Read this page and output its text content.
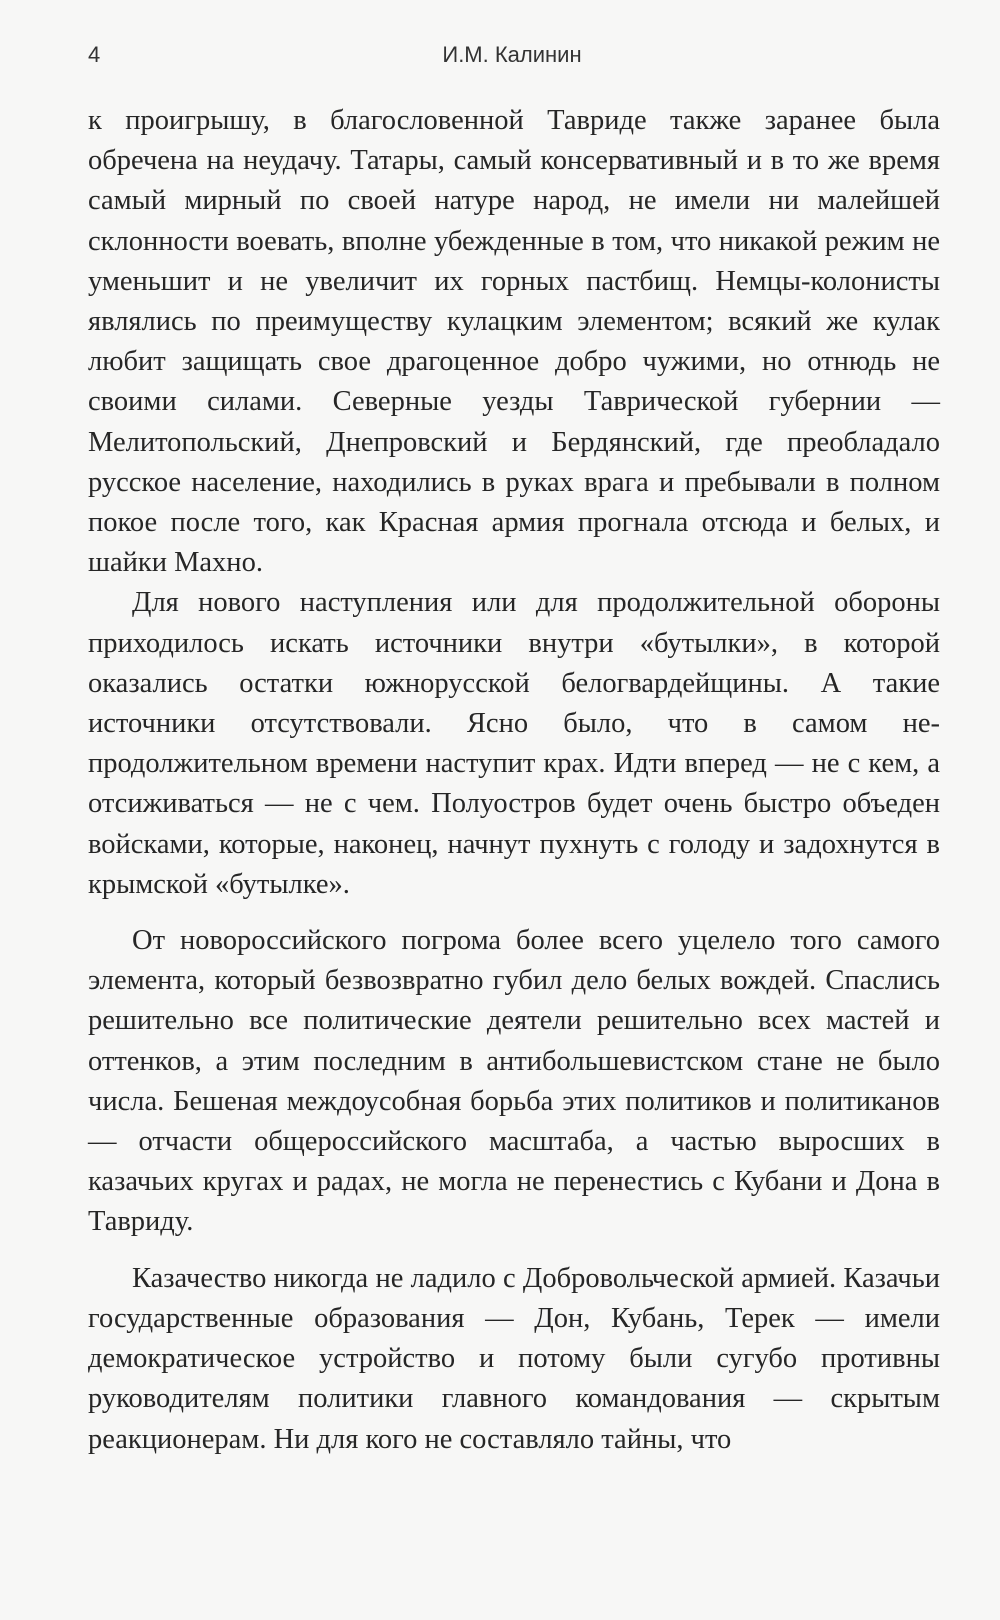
4	И.М. Калинин

к проигрышу, в благословенной Тавриде также заранее была обречена на неудачу. Татары, самый консервативный и в то же время самый мирный по своей натуре народ, не имели ни малейшей склонности воевать, вполне убежденные в том, что никакой режим не уменьшит и не увеличит их горных пастбищ. Немцы-колонисты являлись по преимуществу кулацким элементом; всякий же кулак любит защищать свое драгоценное добро чужими, но отнюдь не своими силами. Северные уезды Таврической губернии — Мелитопольский, Днепровский и Бердянский, где преобладало русское население, находились в руках врага и пребывали в полном покое после того, как Красная армия прогнала отсюда и белых, и шайки Махно.

Для нового наступления или для продолжительной обороны приходилось искать источники внутри «бутылки», в которой оказались остатки южнорусской белогвардейщины. А такие источники отсутствовали. Ясно было, что в самом непродолжительном времени наступит крах. Идти вперед — не с кем, а отсиживаться — не с чем. Полуостров будет очень быстро объеден войсками, которые, наконец, начнут пухнуть с голоду и задохнутся в крымской «бутылке».

От новороссийского погрома более всего уцелело того самого элемента, который безвозвратно губил дело белых вождей. Спаслись решительно все политические деятели решительно всех мастей и оттенков, а этим последним в антибольшевистском стане не было числа. Бешеная междоусобная борьба этих политиков и политиканов — отчасти общероссийского масштаба, а частью выросших в казачьих кругах и радах, не могла не перенестись с Кубани и Дона в Тавриду.

Казачество никогда не ладило с Добровольческой армией. Казачьи государственные образования — Дон, Кубань, Терек — имели демократическое устройство и потому были сугубо противны руководителям политики главного командования — скрытым реакционерам. Ни для кого не составляло тайны, что
